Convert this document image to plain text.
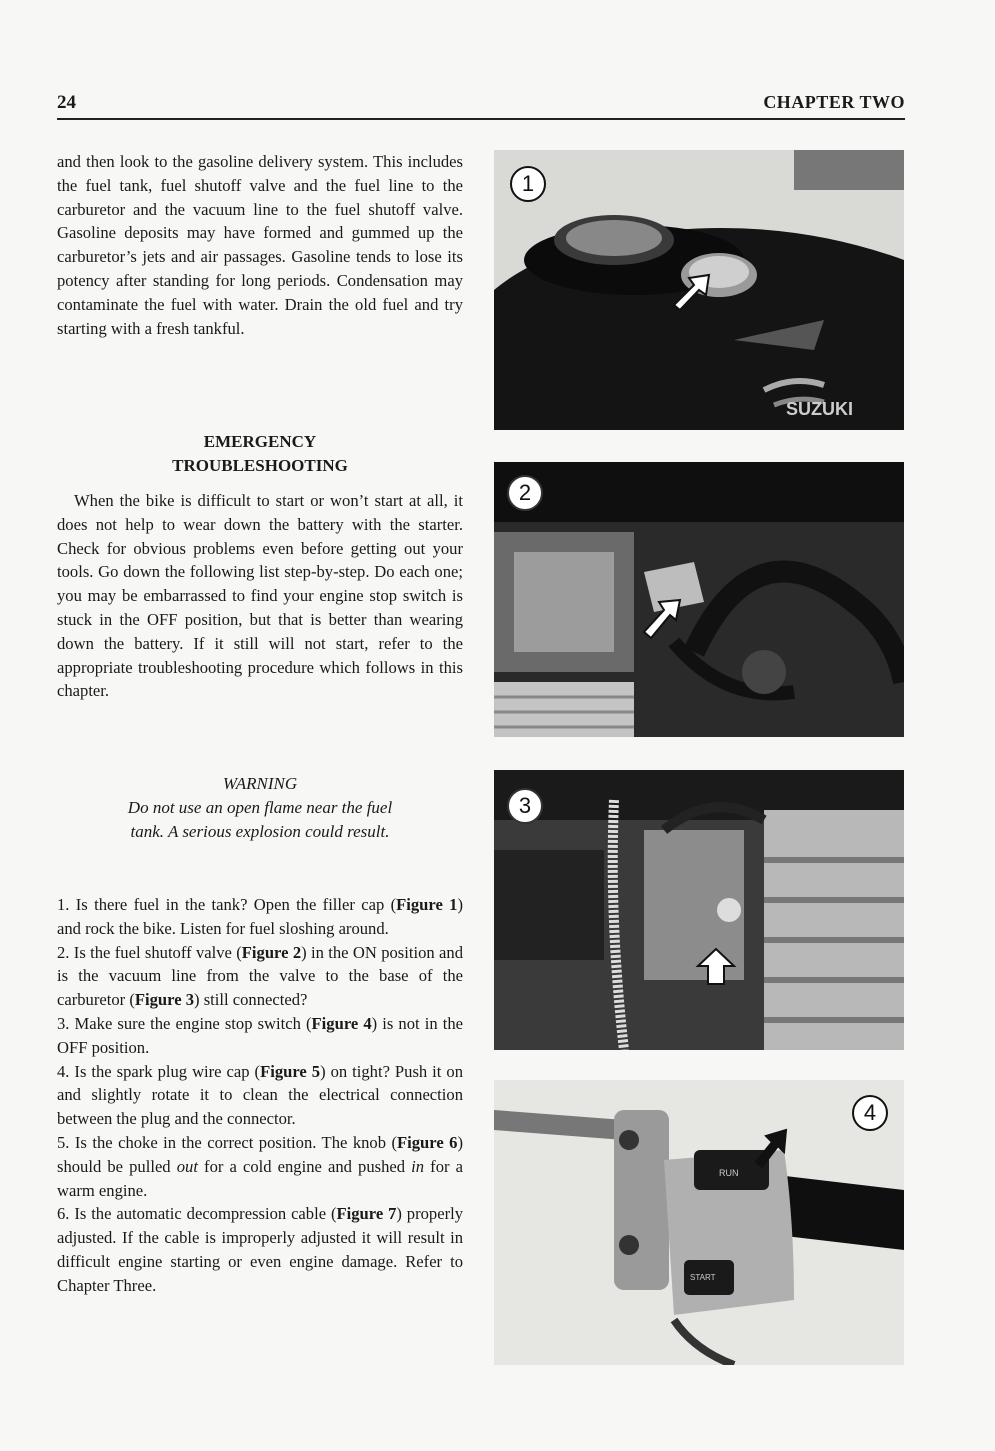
24	CHAPTER TWO
and then look to the gasoline delivery system. This includes the fuel tank, fuel shutoff valve and the fuel line to the carburetor and the vacuum line to the fuel shutoff valve. Gasoline deposits may have formed and gummed up the carburetor’s jets and air passages. Gasoline tends to lose its potency after standing for long periods. Condensation may contaminate the fuel with water. Drain the old fuel and try starting with a fresh tankful.
EMERGENCY
TROUBLESHOOTING
When the bike is difficult to start or won’t start at all, it does not help to wear down the battery with the starter. Check for obvious problems even before getting out your tools. Go down the following list step-by-step. Do each one; you may be embarrassed to find your engine stop switch is stuck in the OFF position, but that is better than wearing down the battery. If it still will not start, refer to the appropriate troubleshooting procedure which follows in this chapter.
WARNING
Do not use an open flame near the fuel
tank. A serious explosion could result.

1. Is there fuel in the tank? Open the filler cap (Figure 1) and rock the bike. Listen for fuel sloshing around.

2. Is the fuel shutoff valve (Figure 2) in the ON position and is the vacuum line from the valve to the base of the carburetor (Figure 3) still connected?

3. Make sure the engine stop switch (Figure 4) is not in the OFF position.

4. Is the spark plug wire cap (Figure 5) on tight? Push it on and slightly rotate it to clean the electrical connection between the plug and the connector.

5. Is the choke in the correct position. The knob (Figure 6) should be pulled out for a cold engine and pushed in for a warm engine.

6. Is the automatic decompression cable (Figure 7) properly adjusted. If the cable is improperly adjusted it will result in difficult engine starting or even engine damage. Refer to Chapter Three.

SUZUKI
1
2
3
RUN
START
4
